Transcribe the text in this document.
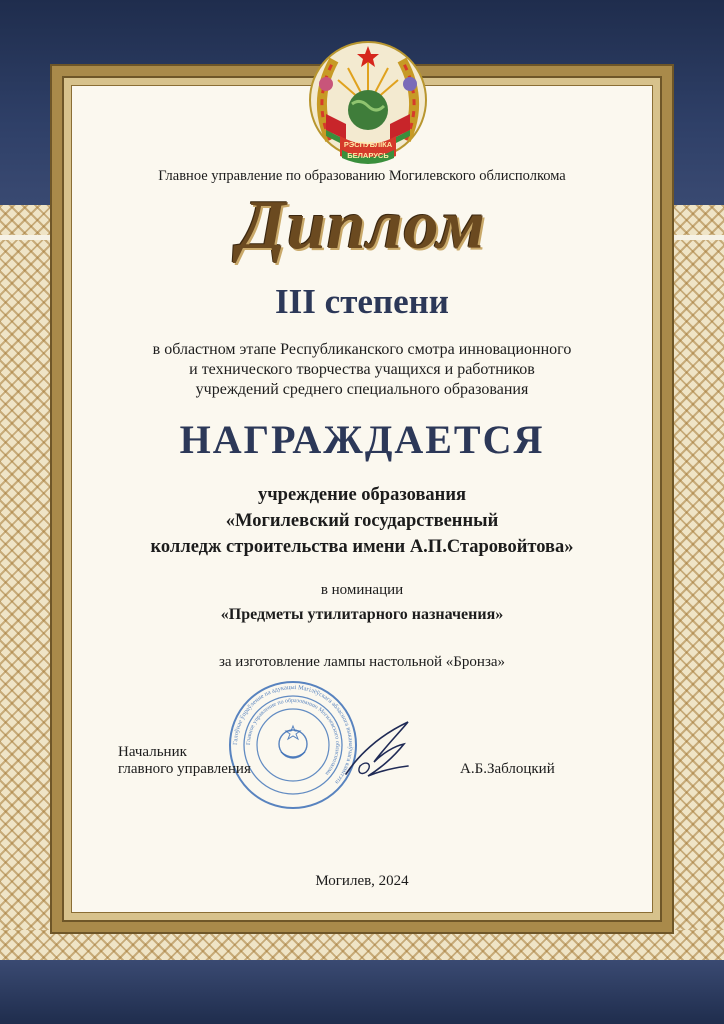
РЭСПУБЛІКА
БЕЛАРУСЬ
Главное управление по образованию Могилевского облисполкома
Диплом
III степени
в областном этапе Республиканского смотра инновационного
и технического творчества учащихся и работников
учреждений среднего специального образования
НАГРАЖДАЕТСЯ
учреждение образования
«Могилевский государственный
колледж строительства имени А.П.Старовойтова»
в номинации
«Предметы утилитарного назначения»
за изготовление лампы настольной «Бронза»
Галоўнае ўпраўленне па адукацыі Магілёўскага абласнога выканаўчага камітэта
Главное управление по образованию Могилевского облисполкома
Начальник
главного управления	А.Б.Заблоцкий
Могилев, 2024
